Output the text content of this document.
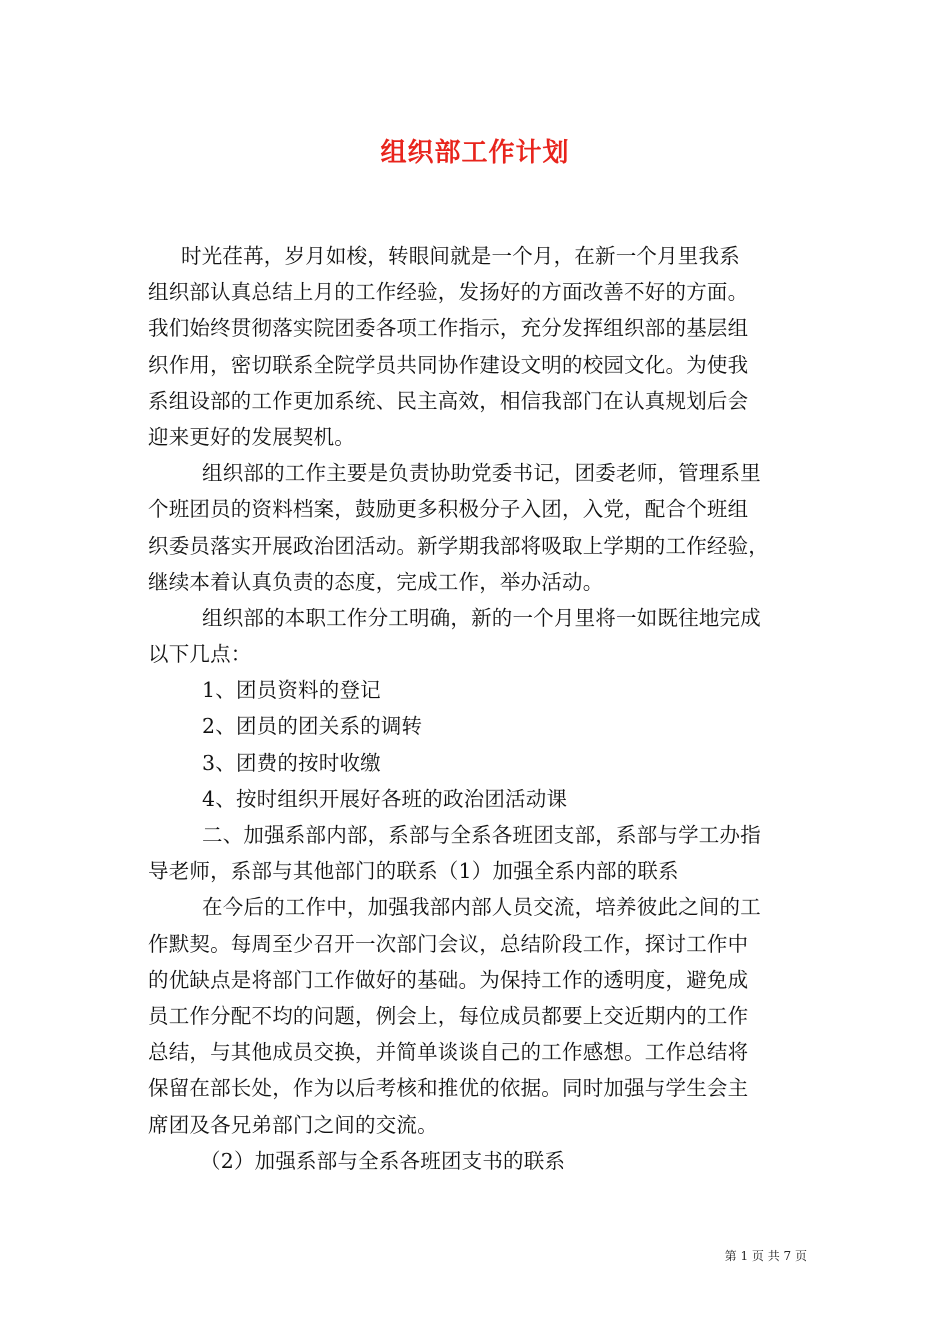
组织部工作计划
时光荏苒，岁月如梭，转眼间就是一个月，在新一个月里我系
组织部认真总结上月的工作经验，发扬好的方面改善不好的方面。
我们始终贯彻落实院团委各项工作指示，充分发挥组织部的基层组
织作用，密切联系全院学员共同协作建设文明的校园文化。为使我
系组设部的工作更加系统、民主高效，相信我部门在认真规划后会
迎来更好的发展契机。
组织部的工作主要是负责协助党委书记，团委老师，管理系里
个班团员的资料档案，鼓励更多积极分子入团，入党，配合个班组
织委员落实开展政治团活动。新学期我部将吸取上学期的工作经验，
继续本着认真负责的态度，完成工作，举办活动。
组织部的本职工作分工明确，新的一个月里将一如既往地完成
以下几点：
1、团员资料的登记
2、团员的团关系的调转
3、团费的按时收缴
4、按时组织开展好各班的政治团活动课
二、加强系部内部，系部与全系各班团支部，系部与学工办指
导老师，系部与其他部门的联系（1）加强全系内部的联系
在今后的工作中，加强我部内部人员交流，培养彼此之间的工
作默契。每周至少召开一次部门会议，总结阶段工作，探讨工作中
的优缺点是将部门工作做好的基础。为保持工作的透明度，避免成
员工作分配不均的问题，例会上，每位成员都要上交近期内的工作
总结，与其他成员交换，并简单谈谈自己的工作感想。工作总结将
保留在部长处，作为以后考核和推优的依据。同时加强与学生会主
席团及各兄弟部门之间的交流。
（2）加强系部与全系各班团支书的联系
第 1 页 共 7 页
